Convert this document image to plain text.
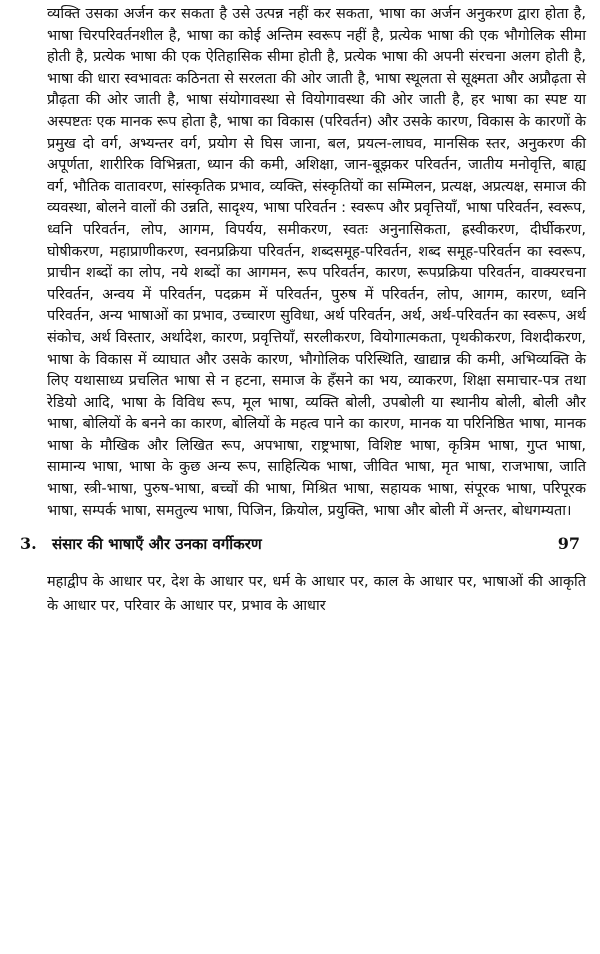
व्यक्ति उसका अर्जन कर सकता है उसे उत्पन्न नहीं कर सकता, भाषा का अर्जन अनुकरण द्वारा होता है, भाषा चिरपरिवर्तनशील है, भाषा का कोई अन्तिम स्वरूप नहीं है, प्रत्येक भाषा की एक भौगोलिक सीमा होती है, प्रत्येक भाषा की एक ऐतिहासिक सीमा होती है, प्रत्येक भाषा की अपनी संरचना अलग होती है, भाषा की धारा स्वभावतः कठिनता से सरलता की ओर जाती है, भाषा स्थूलता से सूक्ष्मता और अप्रौढ़ता से प्रौढ़ता की ओर जाती है, भाषा संयोगावस्था से वियोगावस्था की ओर जाती है, हर भाषा का स्पष्ट या अस्पष्टतः एक मानक रूप होता है, भाषा का विकास (परिवर्तन) और उसके कारण, विकास के कारणों के प्रमुख दो वर्ग, अभ्यन्तर वर्ग, प्रयोग से घिस जाना, बल, प्रयत्न-लाघव, मानसिक स्तर, अनुकरण की अपूर्णता, शारीरिक विभिन्नता, ध्यान की कमी, अशिक्षा, जान-बूझकर परिवर्तन, जातीय मनोवृत्ति, बाह्य वर्ग, भौतिक वातावरण, सांस्कृतिक प्रभाव, व्यक्ति, संस्कृतियों का सम्मिलन, प्रत्यक्ष, अप्रत्यक्ष, समाज की व्यवस्था, बोलने वालों की उन्नति, सादृश्य, भाषा परिवर्तन : स्वरूप और प्रवृत्तियाँ, भाषा परिवर्तन, स्वरूप, ध्वनि परिवर्तन, लोप, आगम, विपर्यय, समीकरण, स्वतः अनुनासिकता, ह्रस्वीकरण, दीर्घीकरण, घोषीकरण, महाप्राणीकरण, स्वनप्रक्रिया परिवर्तन, शब्दसमूह-परिवर्तन, शब्द समूह-परिवर्तन का स्वरूप, प्राचीन शब्दों का लोप, नये शब्दों का आगमन, रूप परिवर्तन, कारण, रूपप्रक्रिया परिवर्तन, वाक्यरचना परिवर्तन, अन्वय में परिवर्तन, पदक्रम में परिवर्तन, पुरुष में परिवर्तन, लोप, आगम, कारण, ध्वनि परिवर्तन, अन्य भाषाओं का प्रभाव, उच्चारण सुविधा, अर्थ परिवर्तन, अर्थ, अर्थ-परिवर्तन का स्वरूप, अर्थ संकोच, अर्थ विस्तार, अर्थादेश, कारण, प्रवृत्तियाँ, सरलीकरण, वियोगात्मकता, पृथकीकरण, विशदीकरण, भाषा के विकास में व्याघात और उसके कारण, भौगोलिक परिस्थिति, खाद्यान्न की कमी, अभिव्यक्ति के लिए यथासाध्य प्रचलित भाषा से न हटना, समाज के हँसने का भय, व्याकरण, शिक्षा समाचार-पत्र तथा रेडियो आदि, भाषा के विविध रूप, मूल भाषा, व्यक्ति बोली, उपबोली या स्थानीय बोली, बोली और भाषा, बोलियों के बनने का कारण, बोलियों के महत्व पाने का कारण, मानक या परिनिष्ठित भाषा, मानक भाषा के मौखिक और लिखित रूप, अपभाषा, राष्ट्रभाषा, विशिष्ट भाषा, कृत्रिम भाषा, गुप्त भाषा, सामान्य भाषा, भाषा के कुछ अन्य रूप, साहित्यिक भाषा, जीवित भाषा, मृत भाषा, राजभाषा, जाति भाषा, स्त्री-भाषा, पुरुष-भाषा, बच्चों की भाषा, मिश्रित भाषा, सहायक भाषा, संपूरक भाषा, परिपूरक भाषा, सम्पर्क भाषा, समतुल्य भाषा, पिजिन, क्रियोल, प्रयुक्ति, भाषा और बोली में अन्तर, बोधगम्यता।

3.	संसार की भाषाएँ और उनका वर्गीकरण	97

महाद्वीप के आधार पर, देश के आधार पर, धर्म के आधार पर, काल के आधार पर, भाषाओं की आकृति के आधार पर, परिवार के आधार पर, प्रभाव के आधार
